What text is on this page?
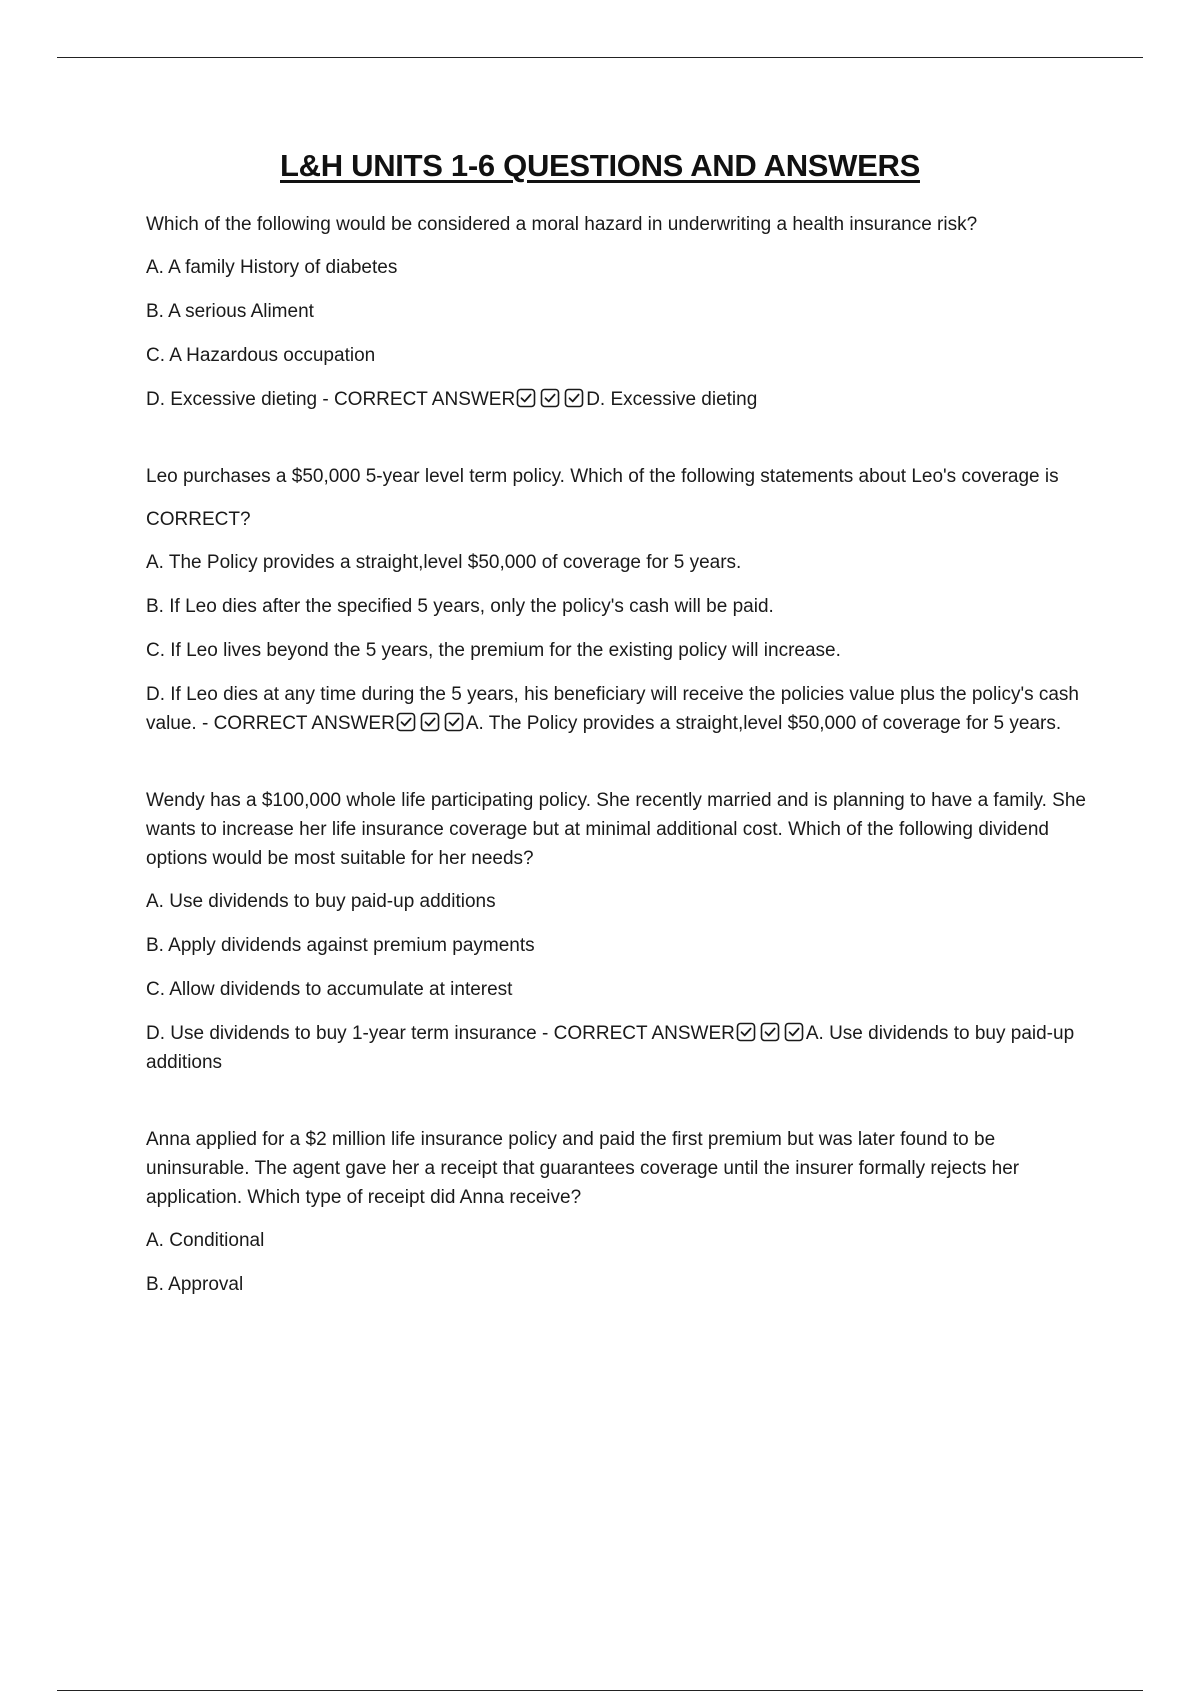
L&H UNITS 1-6 QUESTIONS AND ANSWERS

Which of the following would be considered a moral hazard in underwriting a health insurance risk?

A. A family History of diabetes

B. A serious Aliment

C. A Hazardous occupation

D. Excessive dieting - CORRECT ANSWER	D. Excessive dieting

Leo purchases a $50,000 5-year level term policy. Which of the following statements about Leo's coverage is

CORRECT?

A. The Policy provides a straight,level $50,000 of coverage for 5 years.

B. If Leo dies after the specified 5 years, only the policy's cash will be paid.

C. If Leo lives beyond the 5 years, the premium for the existing policy will increase.

D. If Leo dies at any time during the 5 years, his beneficiary will receive the policies value plus the policy's cash value. - CORRECT ANSWER	A. The Policy provides a straight,level $50,000 of coverage for 5 years.

Wendy has a $100,000 whole life participating policy. She recently married and is planning to have a family. She wants to increase her life insurance coverage but at minimal additional cost. Which of the following dividend options would be most suitable for her needs?

A. Use dividends to buy paid-up additions

B. Apply dividends against premium payments

C. Allow dividends to accumulate at interest

D. Use dividends to buy 1-year term insurance - CORRECT ANSWER	A. Use dividends to buy paid-up additions

Anna applied for a $2 million life insurance policy and paid the first premium but was later found to be uninsurable. The agent gave her a receipt that guarantees coverage until the insurer formally rejects her application. Which type of receipt did Anna receive?

A. Conditional

B. Approval
